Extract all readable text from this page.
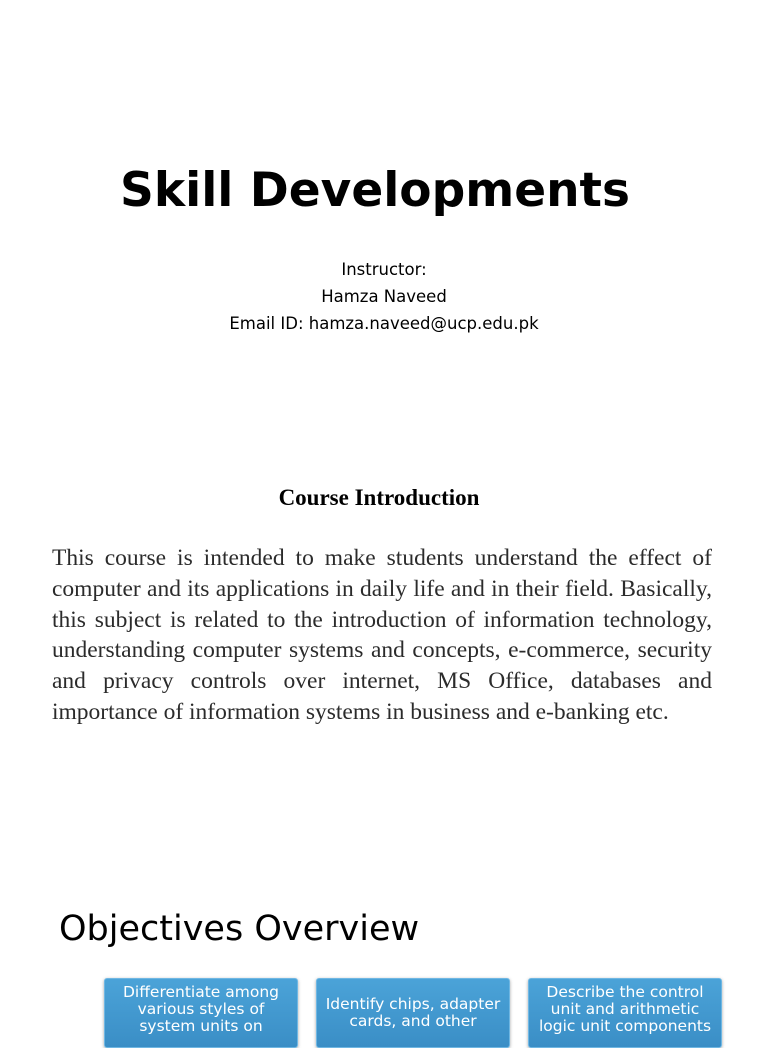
Skill Developments
Instructor:
Hamza Naveed
Email ID: hamza.naveed@ucp.edu.pk
Course Introduction

This course is intended to make students understand the effect of computer and its applications in daily life and in their field. Basically, this subject is related to the introduction of information technology, understanding computer systems and concepts, e-commerce, security and privacy controls over internet, MS Office, databases and importance of information systems in business and e-banking etc.

Objectives Overview
Differentiate among various styles of system units on
Identify chips, adapter cards, and other
Describe the control unit and arithmetic logic unit components
